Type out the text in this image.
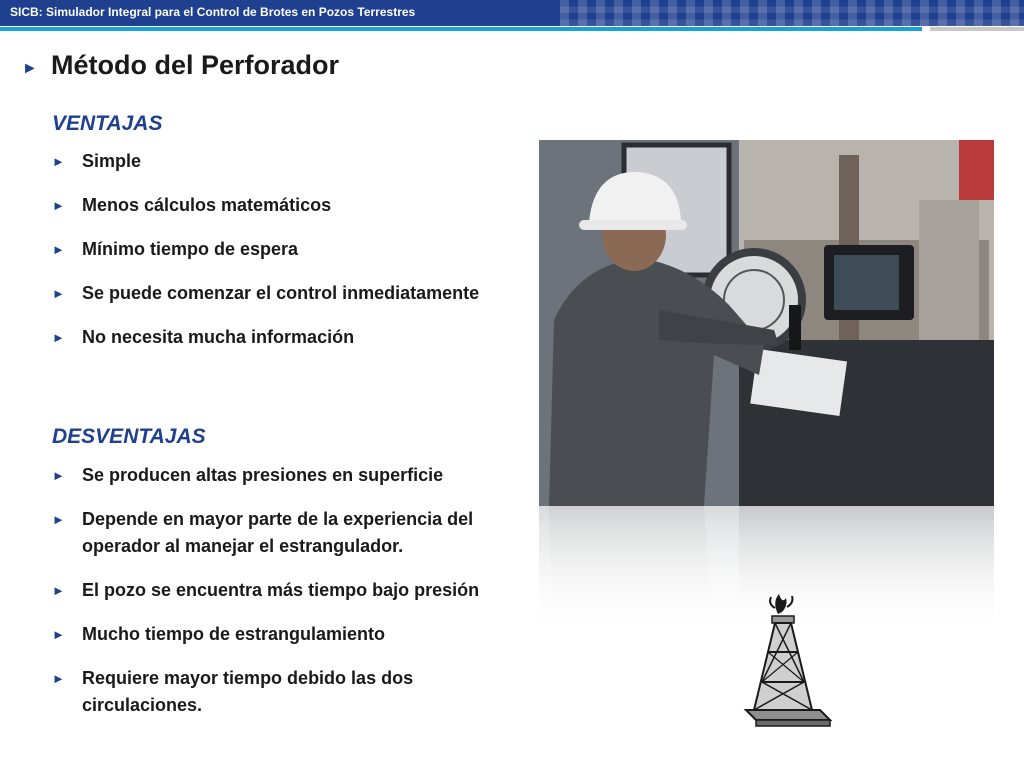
SICB: Simulador Integral para el Control de Brotes en Pozos Terrestres
► Método del Perforador
VENTAJAS
► Simple
► Menos cálculos matemáticos
► Mínimo tiempo de espera
► Se puede comenzar el control inmediatamente
► No necesita mucha información
DESVENTAJAS
► Se producen altas presiones en superficie
► Depende en mayor parte de la experiencia del operador al manejar el estrangulador.
► El pozo se encuentra más tiempo bajo presión
► Mucho tiempo de estrangulamiento
► Requiere mayor tiempo debido las dos circulaciones.
